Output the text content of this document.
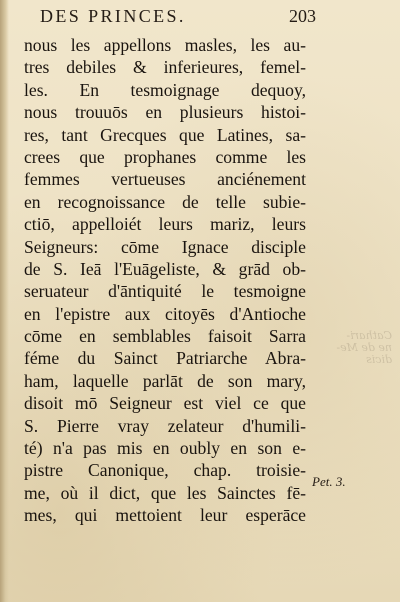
Cathari-
ne de Me-
dicis
DES PRINCES.	203
nous les appellons masles, les au-
tres debiles & inferieures, femel-
les. En tesmoignage dequoy,
nous trouuōs en plusieurs histoi-
res, tant Grecques que Latines, sa-
crees que prophanes comme les
femmes vertueuses anciénement
en recognoissance de telle subie-
ctiō, appelloiét leurs mariz, leurs
Seigneurs: cōme Ignace disciple
de S. Ieā l'Euāgeliste, & grād ob-
seruateur d'āntiquité le tesmoigne
en l'epistre aux citoyēs d'Antioche
cōme en semblables faisoit Sarra
féme du Sainct Patriarche Abra-
ham, laquelle parlāt de son mary,
disoit mō Seigneur est viel ce que
S. Pierre vray zelateur d'humili-
té) n'a pas mis en oubly en son e-
pistre Canonique, chap. troisie-
me, où il dict, que les Sainctes fē-
mes, qui mettoient leur esperāce
Pet. 3.
